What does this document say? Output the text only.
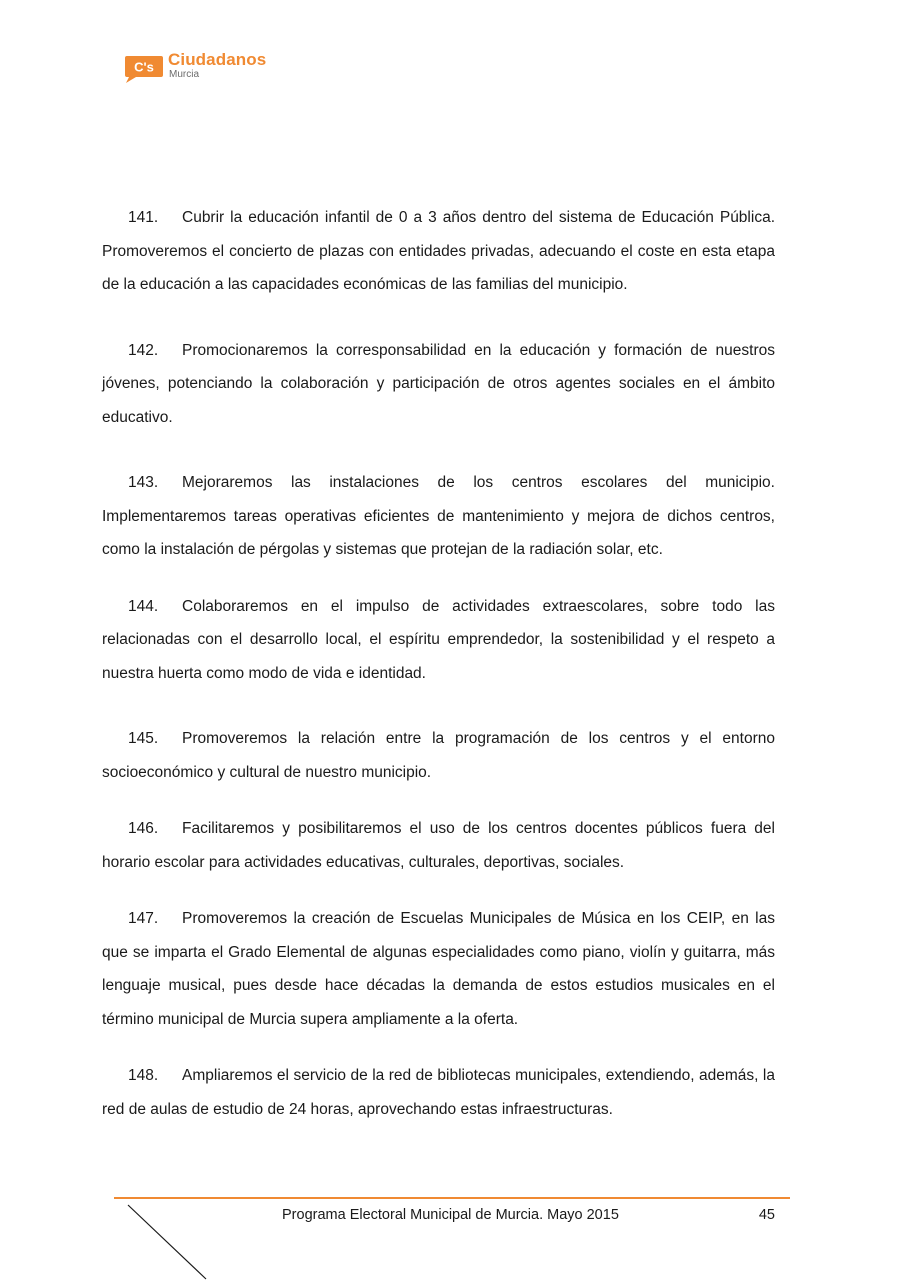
C's Ciudadanos
Murcia

141. Cubrir la educación infantil de 0 a 3 años dentro del sistema de Educación Pública. Promoveremos el concierto de plazas con entidades privadas, adecuando el coste en esta etapa de la educación a las capacidades económicas de las familias del municipio.

142. Promocionaremos la corresponsabilidad en la educación y formación de nuestros jóvenes, potenciando la colaboración y participación de otros agentes sociales en el ámbito educativo.

143. Mejoraremos las instalaciones de los centros escolares del municipio. Implementaremos tareas operativas eficientes de mantenimiento y mejora de dichos centros, como la instalación de pérgolas y sistemas que protejan de la radiación solar, etc.

144. Colaboraremos en el impulso de actividades extraescolares, sobre todo las relacionadas con el desarrollo local, el espíritu emprendedor, la sostenibilidad y el respeto a nuestra huerta como modo de vida e identidad.

145. Promoveremos la relación entre la programación de los centros y el entorno socioeconómico y cultural de nuestro municipio.

146. Facilitaremos y posibilitaremos el uso de los centros docentes públicos fuera del horario escolar para actividades educativas, culturales, deportivas, sociales.

147. Promoveremos la creación de Escuelas Municipales de Música en los CEIP, en las que se imparta el Grado Elemental de algunas especialidades como piano, violín y guitarra, más lenguaje musical, pues desde hace décadas la demanda de estos estudios musicales en el término municipal de Murcia supera ampliamente a la oferta.

148. Ampliaremos el servicio de la red de bibliotecas municipales, extendiendo, además, la red de aulas de estudio de 24 horas, aprovechando estas infraestructuras.

Programa Electoral Municipal de Murcia. Mayo 2015	45
